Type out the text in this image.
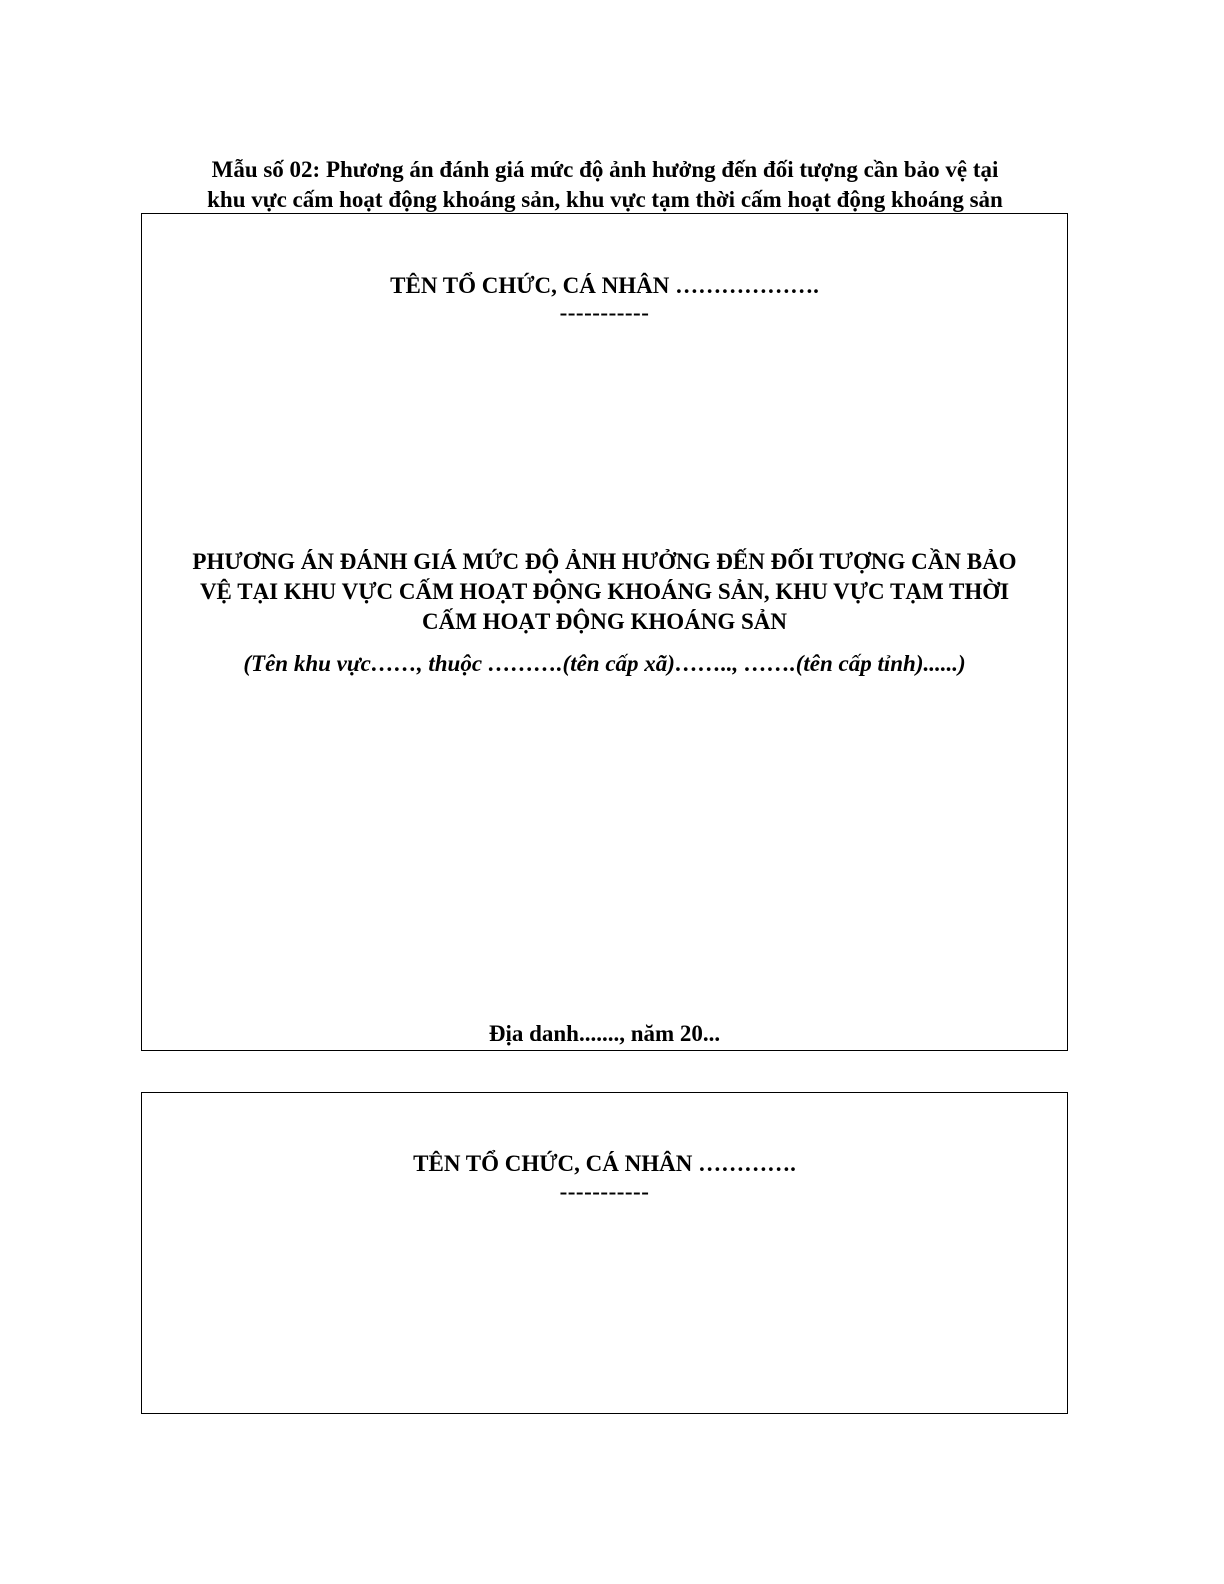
Mẫu số 02: Phương án đánh giá mức độ ảnh hưởng đến đối tượng cần bảo vệ tại
khu vực cấm hoạt động khoáng sản, khu vực tạm thời cấm hoạt động khoáng sản
TÊN TỔ CHỨC, CÁ NHÂN ……………….
-----------
PHƯƠNG ÁN ĐÁNH GIÁ MỨC ĐỘ ẢNH HƯỞNG ĐẾN ĐỐI TƯỢNG CẦN BẢO
VỆ TẠI KHU VỰC CẤM HOẠT ĐỘNG KHOÁNG SẢN, KHU VỰC TẠM THỜI
CẤM HOẠT ĐỘNG KHOÁNG SẢN
(Tên khu vực……, thuộc ……….(tên cấp xã)…….., …….(tên cấp tỉnh)......)
Địa danh......., năm 20...
TÊN TỔ CHỨC, CÁ NHÂN ………….
-----------
